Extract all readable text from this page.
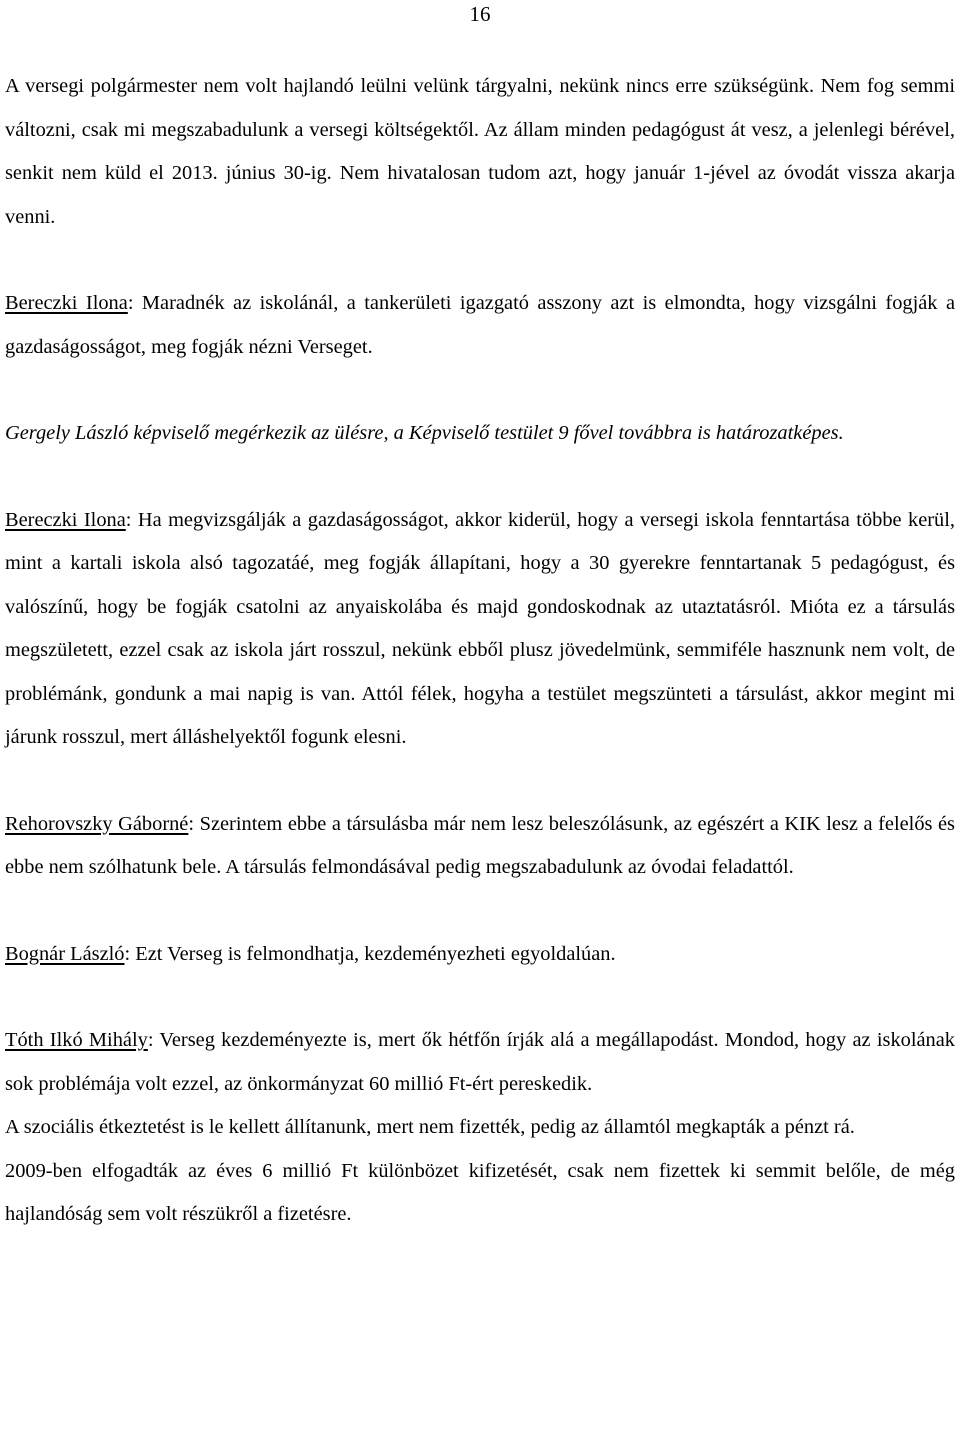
16

A versegi polgármester nem volt hajlandó leülni velünk tárgyalni, nekünk nincs erre szükségünk. Nem fog semmi változni, csak mi megszabadulunk a versegi költségektől. Az állam minden pedagógust át vesz, a jelenlegi bérével, senkit nem küld el 2013. június 30-ig. Nem hivatalosan tudom azt, hogy január 1-jével az óvodát vissza akarja venni.

Bereczki Ilona: Maradnék az iskolánál, a tankerületi igazgató asszony azt is elmondta, hogy vizsgálni fogják a gazdaságosságot, meg fogják nézni Verseget.

Gergely László képviselő megérkezik az ülésre, a Képviselő testület 9 fővel továbbra is határozatképes.

Bereczki Ilona: Ha megvizsgálják a gazdaságosságot, akkor kiderül, hogy a versegi iskola fenntartása többe kerül, mint a kartali iskola alsó tagozatáé, meg fogják állapítani, hogy a 30 gyerekre fenntartanak 5 pedagógust, és valószínű, hogy be fogják csatolni az anyaiskolába és majd gondoskodnak az utaztatásról. Mióta ez a társulás megszületett, ezzel csak az iskola járt rosszul, nekünk ebből plusz jövedelmünk, semmiféle hasznunk nem volt, de problémánk, gondunk a mai napig is van. Attól félek, hogyha a testület megszünteti a társulást, akkor megint mi járunk rosszul, mert álláshelyektől fogunk elesni.

Rehorovszky Gáborné: Szerintem ebbe a társulásba már nem lesz beleszólásunk, az egészért a KIK lesz a felelős és ebbe nem szólhatunk bele. A társulás felmondásával pedig megszabadulunk az óvodai feladattól.

Bognár László: Ezt Verseg is felmondhatja, kezdeményezheti egyoldalúan.

Tóth Ilkó Mihály: Verseg kezdeményezte is, mert ők hétfőn írják alá a megállapodást. Mondod, hogy az iskolának sok problémája volt ezzel, az önkormányzat 60 millió Ft-ért pereskedik.

A szociális étkeztetést is le kellett állítanunk, mert nem fizették, pedig az államtól megkapták a pénzt rá.

2009-ben elfogadták az éves 6 millió Ft különbözet kifizetését, csak nem fizettek ki semmit belőle, de még hajlandóság sem volt részükről a fizetésre.
